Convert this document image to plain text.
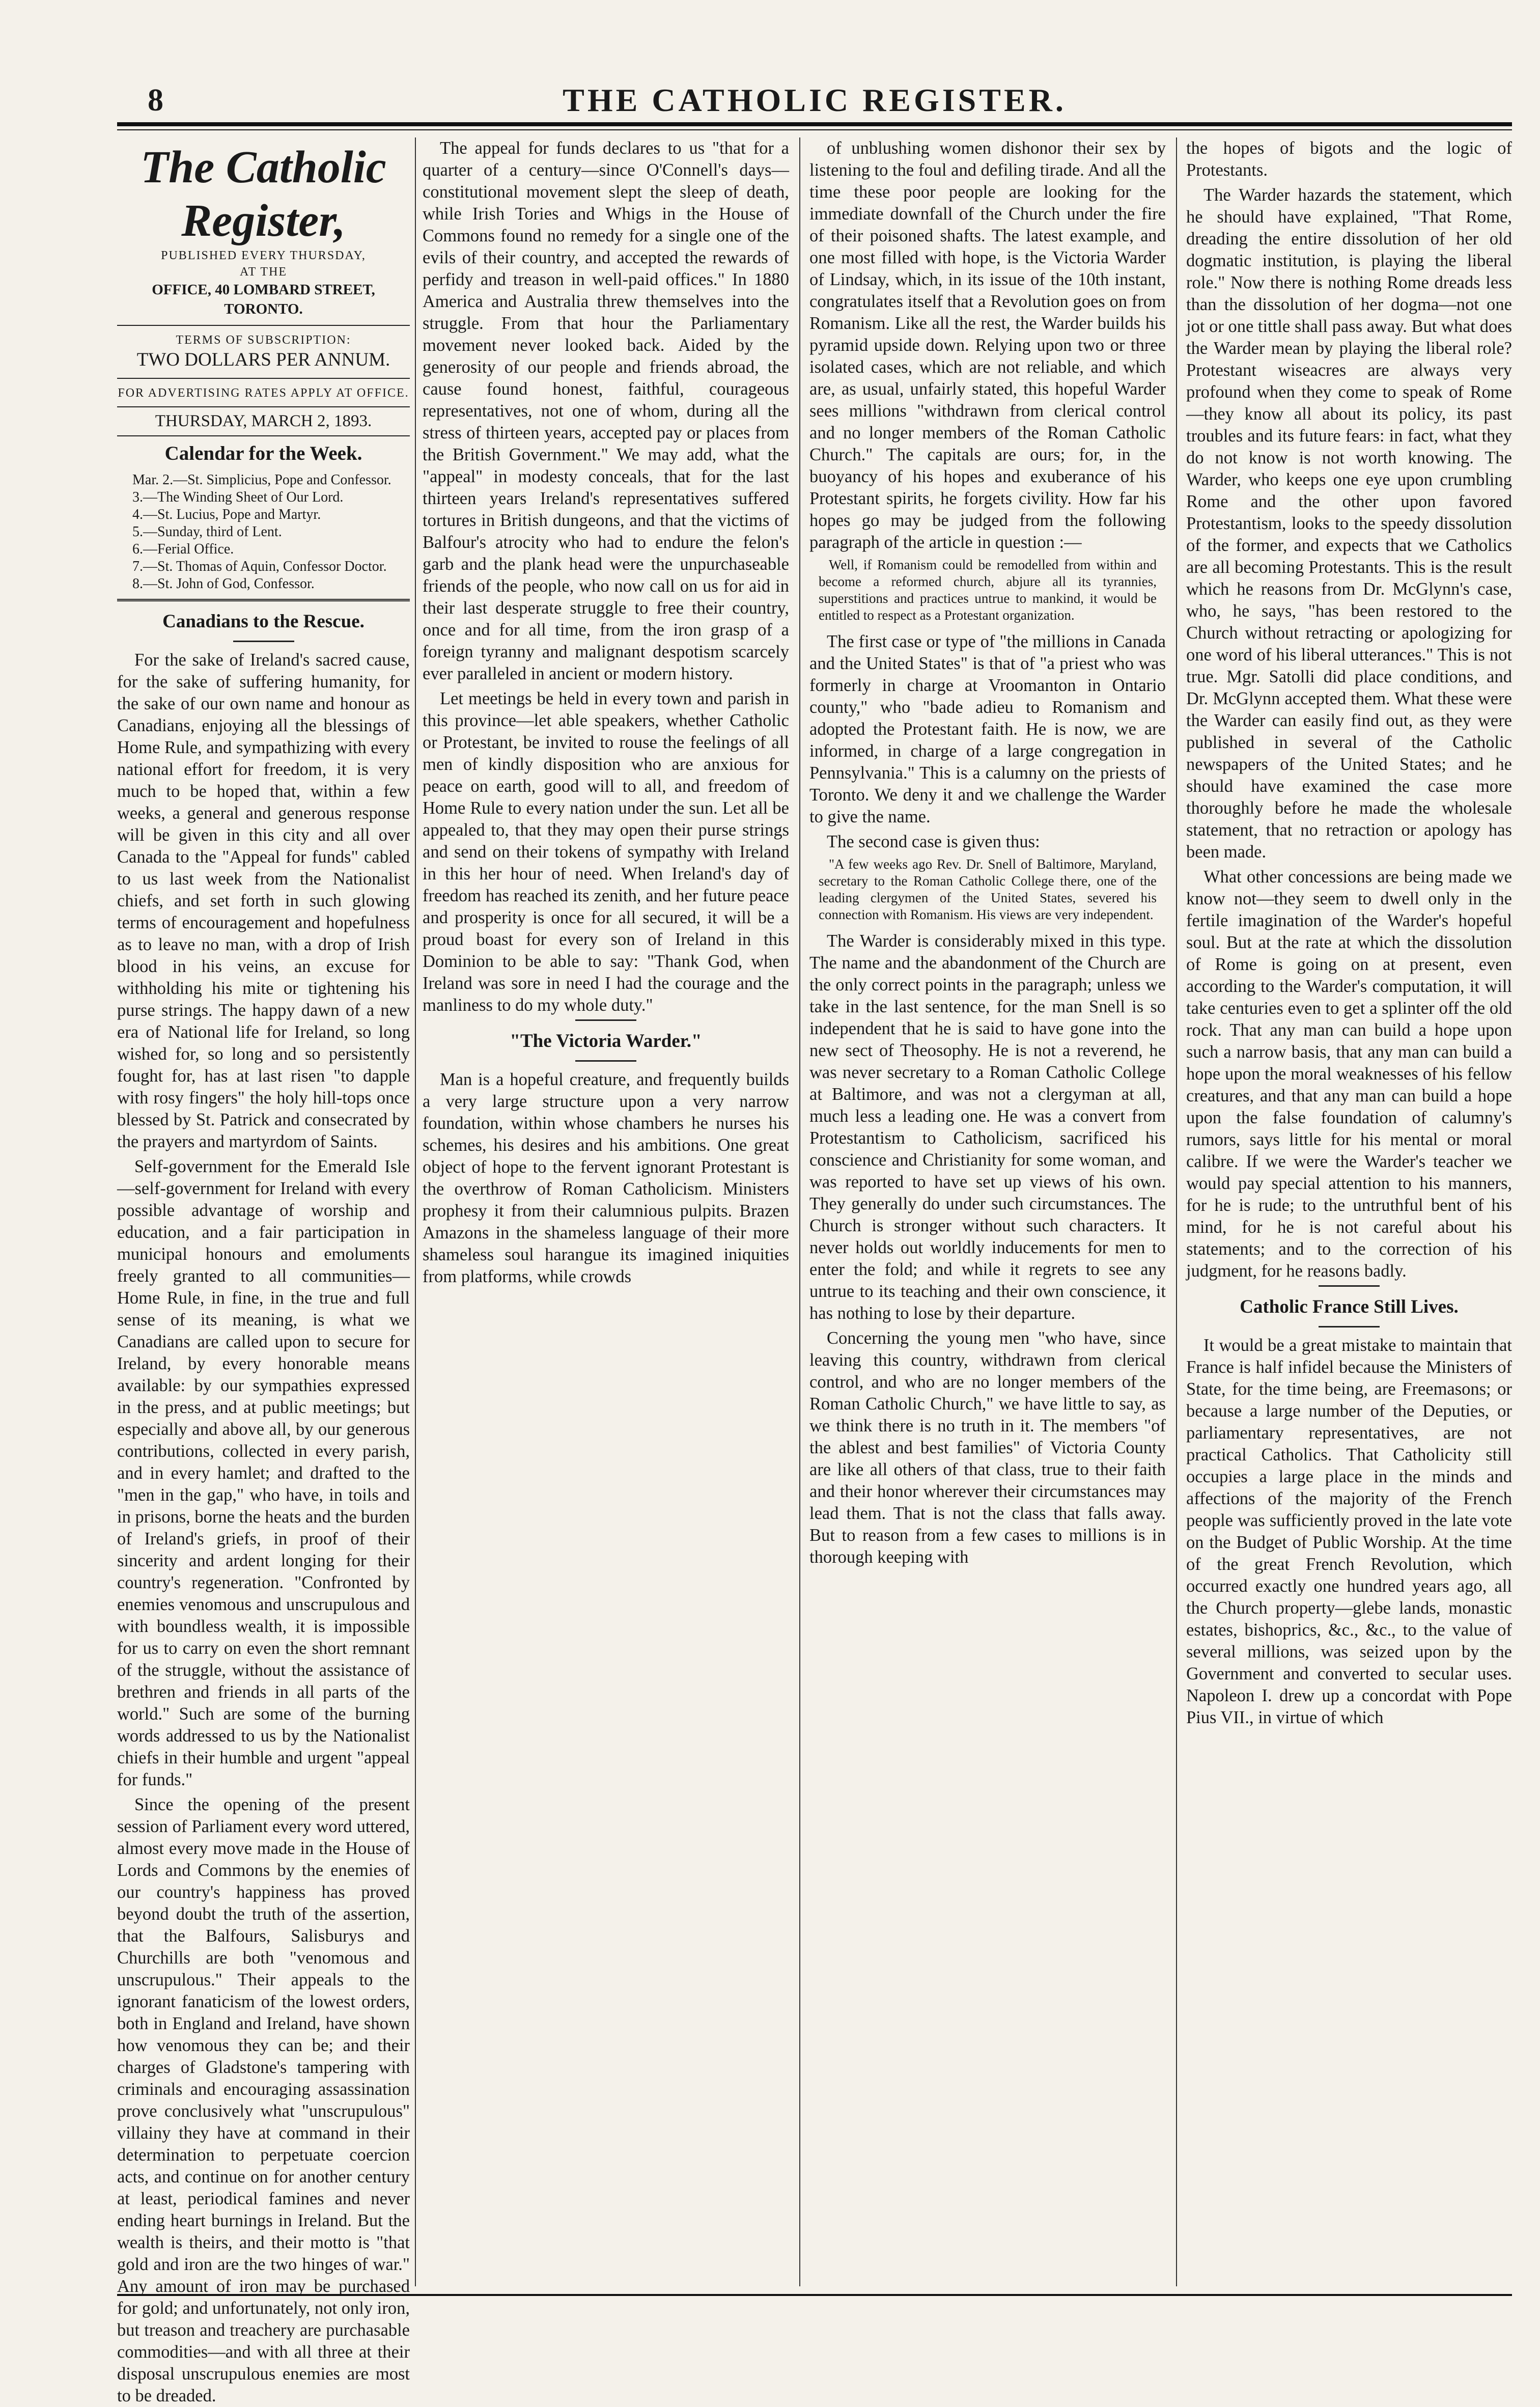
8	THE CATHOLIC REGISTER.
The Catholic Register,
PUBLISHED EVERY THURSDAY,
AT THE
OFFICE, 40 LOMBARD STREET, TORONTO.
TERMS OF SUBSCRIPTION:
TWO DOLLARS PER ANNUM.
FOR ADVERTISING RATES APPLY AT OFFICE.
THURSDAY, MARCH 2, 1893.
Calendar for the Week.
Mar. 2.—St. Simplicius, Pope and Confessor.
3.—The Winding Sheet of Our Lord.
4.—St. Lucius, Pope and Martyr.
5.—Sunday, third of Lent.
6.—Ferial Office.
7.—St. Thomas of Aquin, Confessor Doctor.
8.—St. John of God, Confessor.
Canadians to the Rescue.

For the sake of Ireland's sacred cause, for the sake of suffering humanity, for the sake of our own name and honour as Canadians, enjoying all the blessings of Home Rule, and sympathizing with every national effort for freedom, it is very much to be hoped that, within a few weeks, a general and generous response will be given in this city and all over Canada to the "Appeal for funds" cabled to us last week from the Nationalist chiefs, and set forth in such glowing terms of encouragement and hopefulness as to leave no man, with a drop of Irish blood in his veins, an excuse for withholding his mite or tightening his purse strings. The happy dawn of a new era of National life for Ireland, so long wished for, so long and so persistently fought for, has at last risen "to dapple with rosy fingers" the holy hill-tops once blessed by St. Patrick and consecrated by the prayers and martyrdom of Saints.

Self-government for the Emerald Isle—self-government for Ireland with every possible advantage of worship and education, and a fair participation in municipal honours and emoluments freely granted to all communities—Home Rule, in fine, in the true and full sense of its meaning, is what we Canadians are called upon to secure for Ireland, by every honorable means available: by our sympathies expressed in the press, and at public meetings; but especially and above all, by our generous contributions, collected in every parish, and in every hamlet; and drafted to the "men in the gap," who have, in toils and in prisons, borne the heats and the burden of Ireland's griefs, in proof of their sincerity and ardent longing for their country's regeneration. "Confronted by enemies venomous and unscrupulous and with boundless wealth, it is impossible for us to carry on even the short remnant of the struggle, without the assistance of brethren and friends in all parts of the world." Such are some of the burning words addressed to us by the Nationalist chiefs in their humble and urgent "appeal for funds."

Since the opening of the present session of Parliament every word uttered, almost every move made in the House of Lords and Commons by the enemies of our country's happiness has proved beyond doubt the truth of the assertion, that the Balfours, Salisburys and Churchills are both "venomous and unscrupulous." Their appeals to the ignorant fanaticism of the lowest orders, both in England and Ireland, have shown how venomous they can be; and their charges of Gladstone's tampering with criminals and encouraging assassination prove conclusively what "unscrupulous" villainy they have at command in their determination to perpetuate coercion acts, and continue on for another century at least, periodical famines and never ending heart burnings in Ireland. But the wealth is theirs, and their motto is "that gold and iron are the two hinges of war." Any amount of iron may be purchased for gold; and unfortunately, not only iron, but treason and treachery are purchasable commodities—and with all three at their disposal unscrupulous enemies are most to be dreaded.

The appeal for funds declares to us "that for a quarter of a century—since O'Connell's days—constitutional movement slept the sleep of death, while Irish Tories and Whigs in the House of Commons found no remedy for a single one of the evils of their country, and accepted the rewards of perfidy and treason in well-paid offices." In 1880 America and Australia threw themselves into the struggle. From that hour the Parliamentary movement never looked back. Aided by the generosity of our people and friends abroad, the cause found honest, faithful, courageous representatives, not one of whom, during all the stress of thirteen years, accepted pay or places from the British Government." We may add, what the "appeal" in modesty conceals, that for the last thirteen years Ireland's representatives suffered tortures in British dungeons, and that the victims of Balfour's atrocity who had to endure the felon's garb and the plank head were the unpurchaseable friends of the people, who now call on us for aid in their last desperate struggle to free their country, once and for all time, from the iron grasp of a foreign tyranny and malignant despotism scarcely ever paralleled in ancient or modern history.

Let meetings be held in every town and parish in this province—let able speakers, whether Catholic or Protestant, be invited to rouse the feelings of all men of kindly disposition who are anxious for peace on earth, good will to all, and freedom of Home Rule to every nation under the sun. Let all be appealed to, that they may open their purse strings and send on their tokens of sympathy with Ireland in this her hour of need. When Ireland's day of freedom has reached its zenith, and her future peace and prosperity is once for all secured, it will be a proud boast for every son of Ireland in this Dominion to be able to say: "Thank God, when Ireland was sore in need I had the courage and the manliness to do my whole duty."

"The Victoria Warder."

Man is a hopeful creature, and frequently builds a very large structure upon a very narrow foundation, within whose chambers he nurses his schemes, his desires and his ambitions. One great object of hope to the fervent ignorant Protestant is the overthrow of Roman Catholicism. Ministers prophesy it from their calumnious pulpits. Brazen Amazons in the shameless language of their more shameless soul harangue its imagined iniquities from platforms, while crowds

of unblushing women dishonor their sex by listening to the foul and defiling tirade. And all the time these poor people are looking for the immediate downfall of the Church under the fire of their poisoned shafts. The latest example, and one most filled with hope, is the Victoria Warder of Lindsay, which, in its issue of the 10th instant, congratulates itself that a Revolution goes on from Romanism. Like all the rest, the Warder builds his pyramid upside down. Relying upon two or three isolated cases, which are not reliable, and which are, as usual, unfairly stated, this hopeful Warder sees millions "withdrawn from clerical control and no longer members of the Roman Catholic Church." The capitals are ours; for, in the buoyancy of his hopes and exuberance of his Protestant spirits, he forgets civility. How far his hopes go may be judged from the following paragraph of the article in question :—

Well, if Romanism could be remodelled from within and become a reformed church, abjure all its tyrannies, superstitions and practices untrue to mankind, it would be entitled to respect as a Protestant organization.

The first case or type of "the millions in Canada and the United States" is that of "a priest who was formerly in charge at Vroomanton in Ontario county," who "bade adieu to Romanism and adopted the Protestant faith. He is now, we are informed, in charge of a large congregation in Pennsylvania." This is a calumny on the priests of Toronto. We deny it and we challenge the Warder to give the name.

The second case is given thus:

"A few weeks ago Rev. Dr. Snell of Baltimore, Maryland, secretary to the Roman Catholic College there, one of the leading clergymen of the United States, severed his connection with Romanism. His views are very independent.

The Warder is considerably mixed in this type. The name and the abandonment of the Church are the only correct points in the paragraph; unless we take in the last sentence, for the man Snell is so independent that he is said to have gone into the new sect of Theosophy. He is not a reverend, he was never secretary to a Roman Catholic College at Baltimore, and was not a clergyman at all, much less a leading one. He was a convert from Protestantism to Catholicism, sacrificed his conscience and Christianity for some woman, and was reported to have set up views of his own. They generally do under such circumstances. The Church is stronger without such characters. It never holds out worldly inducements for men to enter the fold; and while it regrets to see any untrue to its teaching and their own conscience, it has nothing to lose by their departure.

Concerning the young men "who have, since leaving this country, withdrawn from clerical control, and who are no longer members of the Roman Catholic Church," we have little to say, as we think there is no truth in it. The members "of the ablest and best families" of Victoria County are like all others of that class, true to their faith and their honor wherever their circumstances may lead them. That is not the class that falls away. But to reason from a few cases to millions is in thorough keeping with

the hopes of bigots and the logic of Protestants.

The Warder hazards the statement, which he should have explained, "That Rome, dreading the entire dissolution of her old dogmatic institution, is playing the liberal role." Now there is nothing Rome dreads less than the dissolution of her dogma—not one jot or one tittle shall pass away. But what does the Warder mean by playing the liberal role? Protestant wiseacres are always very profound when they come to speak of Rome—they know all about its policy, its past troubles and its future fears: in fact, what they do not know is not worth knowing. The Warder, who keeps one eye upon crumbling Rome and the other upon favored Protestantism, looks to the speedy dissolution of the former, and expects that we Catholics are all becoming Protestants. This is the result which he reasons from Dr. McGlynn's case, who, he says, "has been restored to the Church without retracting or apologizing for one word of his liberal utterances." This is not true. Mgr. Satolli did place conditions, and Dr. McGlynn accepted them. What these were the Warder can easily find out, as they were published in several of the Catholic newspapers of the United States; and he should have examined the case more thoroughly before he made the wholesale statement, that no retraction or apology has been made.

What other concessions are being made we know not—they seem to dwell only in the fertile imagination of the Warder's hopeful soul. But at the rate at which the dissolution of Rome is going on at present, even according to the Warder's computation, it will take centuries even to get a splinter off the old rock. That any man can build a hope upon such a narrow basis, that any man can build a hope upon the moral weaknesses of his fellow creatures, and that any man can build a hope upon the false foundation of calumny's rumors, says little for his mental or moral calibre. If we were the Warder's teacher we would pay special attention to his manners, for he is rude; to the untruthful bent of his mind, for he is not careful about his statements; and to the correction of his judgment, for he reasons badly.

Catholic France Still Lives.

It would be a great mistake to maintain that France is half infidel because the Ministers of State, for the time being, are Freemasons; or because a large number of the Deputies, or parliamentary representatives, are not practical Catholics. That Catholicity still occupies a large place in the minds and affections of the majority of the French people was sufficiently proved in the late vote on the Budget of Public Worship. At the time of the great French Revolution, which occurred exactly one hundred years ago, all the Church property—glebe lands, monastic estates, bishoprics, &c., &c., to the value of several millions, was seized upon by the Government and converted to secular uses. Napoleon I. drew up a concordat with Pope Pius VII., in virtue of which
